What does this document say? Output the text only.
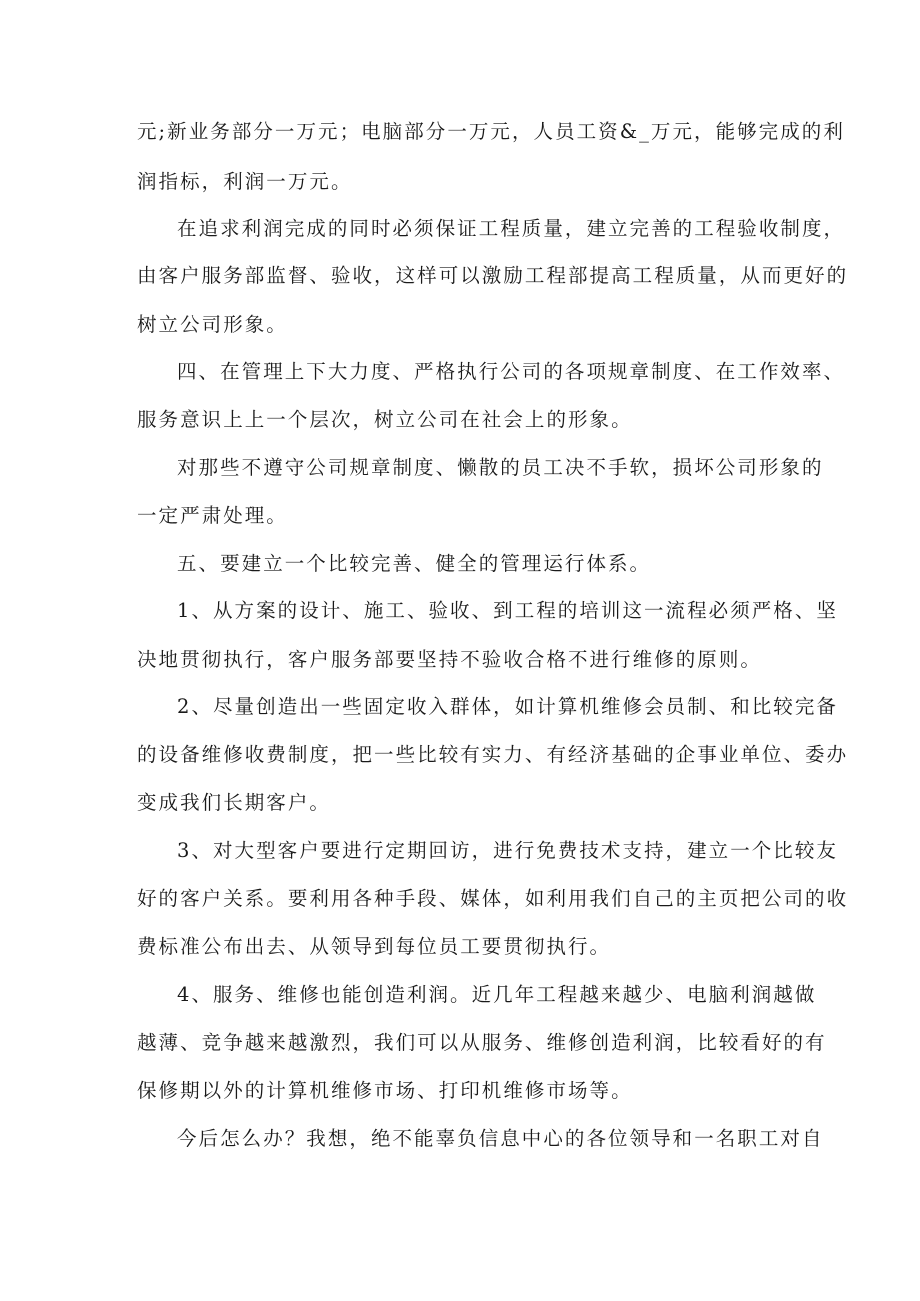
元;新业务部分一万元；电脑部分一万元，人员工资&_万元，能够完成的利
润指标，利润一万元。
在追求利润完成的同时必须保证工程质量，建立完善的工程验收制度，
由客户服务部监督、验收，这样可以激励工程部提高工程质量，从而更好的
树立公司形象。
四、在管理上下大力度、严格执行公司的各项规章制度、在工作效率、
服务意识上上一个层次，树立公司在社会上的形象。
对那些不遵守公司规章制度、懒散的员工决不手软，损坏公司形象的
一定严肃处理。
五、要建立一个比较完善、健全的管理运行体系。
1、从方案的设计、施工、验收、到工程的培训这一流程必须严格、坚
决地贯彻执行，客户服务部要坚持不验收合格不进行维修的原则。
2、尽量创造出一些固定收入群体，如计算机维修会员制、和比较完备
的设备维修收费制度，把一些比较有实力、有经济基础的企事业单位、委办
变成我们长期客户。
3、对大型客户要进行定期回访，进行免费技术支持，建立一个比较友
好的客户关系。要利用各种手段、媒体，如利用我们自己的主页把公司的收
费标准公布出去、从领导到每位员工要贯彻执行。
4、服务、维修也能创造利润。近几年工程越来越少、电脑利润越做
越薄、竞争越来越激烈，我们可以从服务、维修创造利润，比较看好的有
保修期以外的计算机维修市场、打印机维修市场等。
今后怎么办？我想，绝不能辜负信息中心的各位领导和一名职工对自
